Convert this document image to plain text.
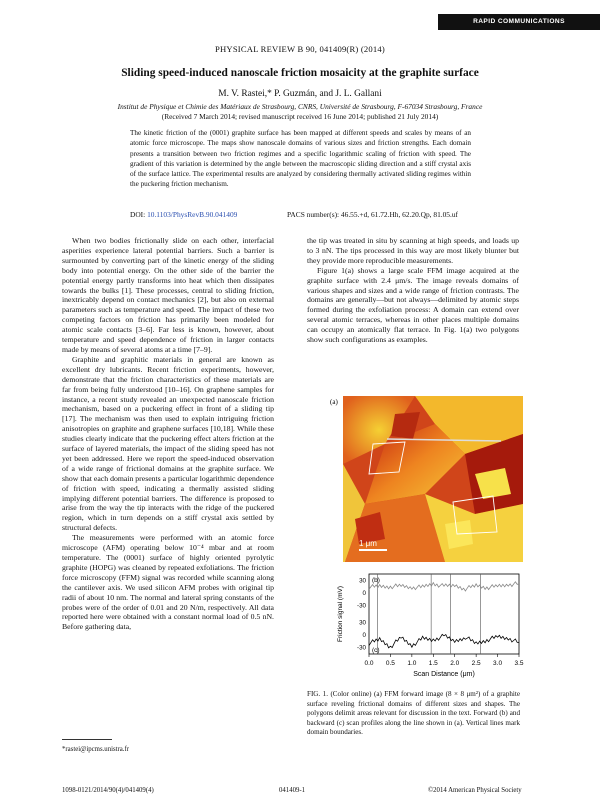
RAPID COMMUNICATIONS
PHYSICAL REVIEW B 90, 041409(R) (2014)
Sliding speed-induced nanoscale friction mosaicity at the graphite surface
M. V. Rastei,* P. Guzmán, and J. L. Gallani
Institut de Physique et Chimie des Matériaux de Strasbourg, CNRS, Université de Strasbourg, F-67034 Strasbourg, France
(Received 7 March 2014; revised manuscript received 16 June 2014; published 21 July 2014)
The kinetic friction of the (0001) graphite surface has been mapped at different speeds and scales by means of an atomic force microscope. The maps show nanoscale domains of various sizes and friction strengths. Each domain presents a transition between two friction regimes and a specific logarithmic scaling of friction with speed. The gradient of this variation is determined by the angle between the macroscopic sliding direction and a stiff crystal axis of the surface lattice. The experimental results are analyzed by considering thermally activated sliding regimes within the puckering friction mechanism.
DOI: 10.1103/PhysRevB.90.041409	PACS number(s): 46.55.+d, 61.72.Hh, 62.20.Qp, 81.05.uf

When two bodies frictionally slide on each other, interfacial asperities experience lateral potential barriers. Such a barrier is surmounted by converting part of the kinetic energy of the sliding body into potential energy. On the other side of the barrier the potential energy partly transforms into heat which then dissipates towards the bulks [1]. These processes, central to sliding friction, inextricably depend on contact mechanics [2], but also on external parameters such as temperature and speed. The impact of these two competing factors on friction has primarily been modeled for atomic scale contacts [3–6]. Far less is known, however, about temperature and speed dependence of friction in larger contacts made by means of several atoms at a time [7–9].

Graphite and graphitic materials in general are known as excellent dry lubricants. Recent friction experiments, however, demonstrate that the friction characteristics of these materials are far from being fully understood [10–16]. On graphene samples for instance, a recent study revealed an unexpected nanoscale friction mechanism, based on a puckering effect in front of a sliding tip [17]. The mechanism was then used to explain intriguing friction anisotropies on graphite and graphene surfaces [10,18]. While these studies clearly indicate that the puckering effect alters friction at the surface of layered materials, the impact of the sliding speed has not yet been addressed. Here we report the speed-induced observation of a wide range of frictional domains at the graphite surface. We show that each domain presents a particular logarithmic dependence of friction with speed, indicating a thermally assisted sliding implying different potential barriers. The difference is proposed to arise from the way the tip interacts with the ridge of the puckered region, which in turn depends on a stiff crystal axis settled by structural defects.

The measurements were performed with an atomic force microscope (AFM) operating below 10⁻⁴ mbar and at room temperature. The (0001) surface of highly oriented pyrolytic graphite (HOPG) was cleaned by repeated exfoliations. The friction force microscopy (FFM) signal was recorded while scanning along the cantilever axis. We used silicon AFM probes with original tip radii of about 10 nm. The normal and lateral spring constants of the probes were of the order of 0.01 and 20 N/m, respectively. All data reported here were obtained with a constant normal load of 0.5 nN. Before gathering data,

the tip was treated in situ by scanning at high speeds, and loads up to 3 nN. The tips processed in this way are most likely blunter but they provide more reproducible measurements.

Figure 1(a) shows a large scale FFM image acquired at the graphite surface with 2.4 μm/s. The image reveals domains of various shapes and sizes and a wide range of friction contrasts. The domains are generally—but not always—delimited by atomic steps formed during the exfoliation process: A domain can extend over several atomic terraces, whereas in other places multiple domains can occupy an atomically flat terrace. In Fig. 1(a) two polygons show such configurations as examples.

(a)
1 μm
0.0 0.5 1.0 1.5 2.0 2.5 3.0 3.5
30
0
-30
30
0
-30
(b)
(c)
Friction signal (mV)
Scan Distance (μm)
FIG. 1. (Color online) (a) FFM forward image (8 × 8 μm²) of a graphite surface reveling frictional domains of different sizes and shapes. The polygons delimit areas relevant for discussion in the text. Forward (b) and backward (c) scan profiles along the line shown in (a). Vertical lines mark domain boundaries.
*rastei@ipcms.unistra.fr
1098-0121/2014/90(4)/041409(4)	041409-1	©2014 American Physical Society
